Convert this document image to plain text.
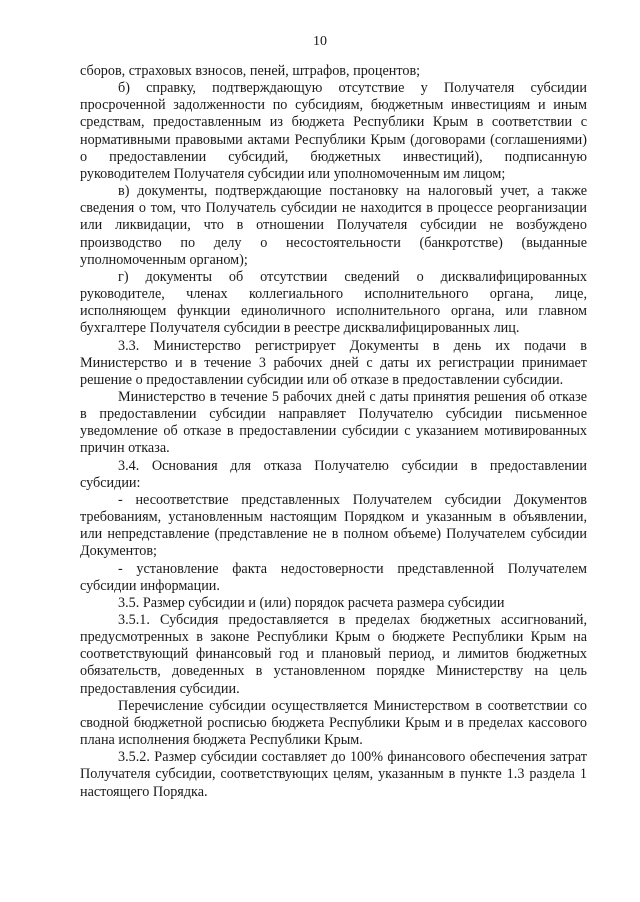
10

сборов, страховых взносов, пеней, штрафов, процентов;

б) справку, подтверждающую отсутствие у Получателя субсидии просроченной задолженности по субсидиям, бюджетным инвестициям и иным средствам, предоставленным из бюджета Республики Крым в соответствии с нормативными правовыми актами Республики Крым (договорами (соглашениями) о предоставлении субсидий, бюджетных инвестиций), подписанную руководителем Получателя субсидии или уполномоченным им лицом;

в) документы, подтверждающие постановку на налоговый учет, а также сведения о том, что Получатель субсидии не находится в процессе реорганизации или ликвидации, что в отношении Получателя субсидии не возбуждено производство по делу о несостоятельности (банкротстве) (выданные уполномоченным органом);

г) документы об отсутствии сведений о дисквалифицированных руководителе, членах коллегиального исполнительного органа, лице, исполняющем функции единоличного исполнительного органа, или главном бухгалтере Получателя субсидии в реестре дисквалифицированных лиц.

3.3. Министерство регистрирует Документы в день их подачи в Министерство и в течение 3 рабочих дней с даты их регистрации принимает решение о предоставлении субсидии или об отказе в предоставлении субсидии.

Министерство в течение 5 рабочих дней с даты принятия решения об отказе в предоставлении субсидии направляет Получателю субсидии письменное уведомление об отказе в предоставлении субсидии с указанием мотивированных причин отказа.

3.4. Основания для отказа Получателю субсидии в предоставлении субсидии:

- несоответствие представленных Получателем субсидии Документов требованиям, установленным настоящим Порядком и указанным в объявлении, или непредставление (представление не в полном объеме) Получателем субсидии Документов;

- установление факта недостоверности представленной Получателем субсидии информации.

3.5. Размер субсидии и (или) порядок расчета размера субсидии

3.5.1. Субсидия предоставляется в пределах бюджетных ассигнований, предусмотренных в законе Республики Крым о бюджете Республики Крым на соответствующий финансовый год и плановый период, и лимитов бюджетных обязательств, доведенных в установленном порядке Министерству на цель предоставления субсидии.

Перечисление субсидии осуществляется Министерством в соответствии со сводной бюджетной росписью бюджета Республики Крым и в пределах кассового плана исполнения бюджета Республики Крым.

3.5.2. Размер субсидии составляет до 100% финансового обеспечения затрат Получателя субсидии, соответствующих целям, указанным в пункте 1.3 раздела 1 настоящего Порядка.
